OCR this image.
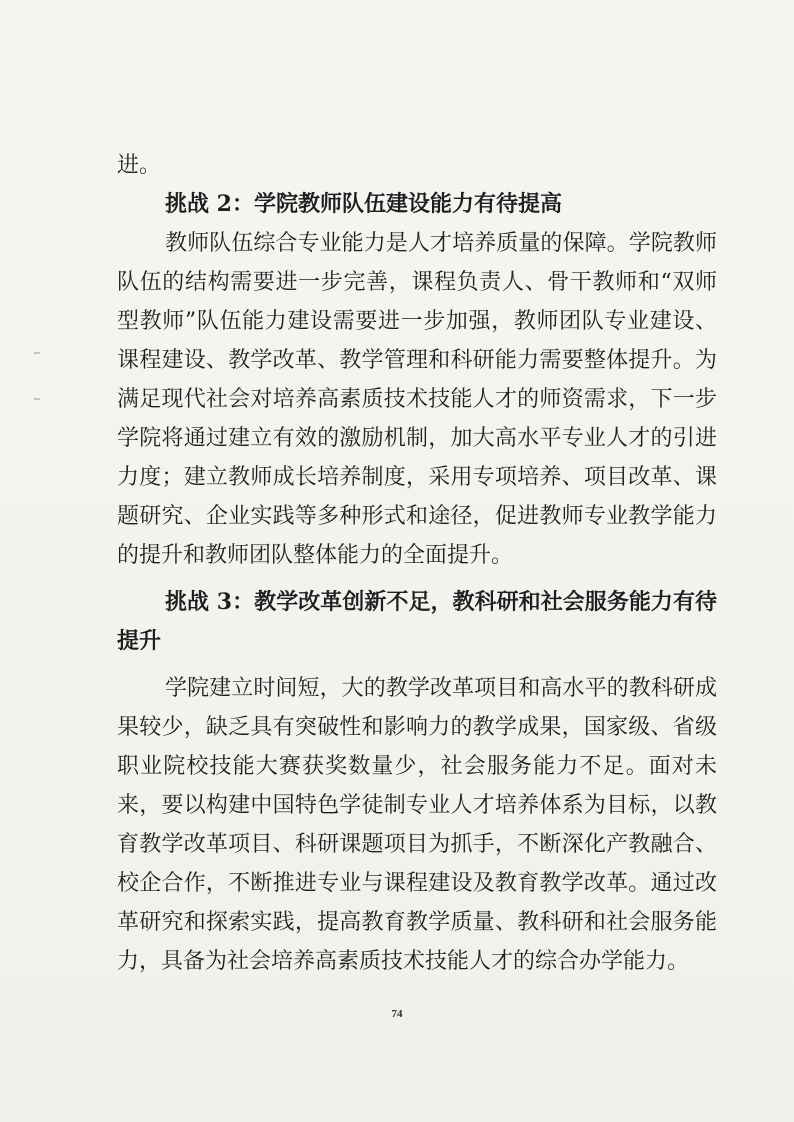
进。
挑战 2：学院教师队伍建设能力有待提高
教师队伍综合专业能力是人才培养质量的保障。学院教师
队伍的结构需要进一步完善，课程负责人、骨干教师和“双师
型教师”队伍能力建设需要进一步加强，教师团队专业建设、
课程建设、教学改革、教学管理和科研能力需要整体提升。为
满足现代社会对培养高素质技术技能人才的师资需求，下一步
学院将通过建立有效的激励机制，加大高水平专业人才的引进
力度；建立教师成长培养制度，采用专项培养、项目改革、课
题研究、企业实践等多种形式和途径，促进教师专业教学能力
的提升和教师团队整体能力的全面提升。
挑战 3：教学改革创新不足，教科研和社会服务能力有待
提升
学院建立时间短，大的教学改革项目和高水平的教科研成
果较少，缺乏具有突破性和影响力的教学成果，国家级、省级
职业院校技能大赛获奖数量少，社会服务能力不足。面对未
来，要以构建中国特色学徒制专业人才培养体系为目标，以教
育教学改革项目、科研课题项目为抓手，不断深化产教融合、
校企合作，不断推进专业与课程建设及教育教学改革。通过改
革研究和探索实践，提高教育教学质量、教科研和社会服务能
力，具备为社会培养高素质技术技能人才的综合办学能力。
74
